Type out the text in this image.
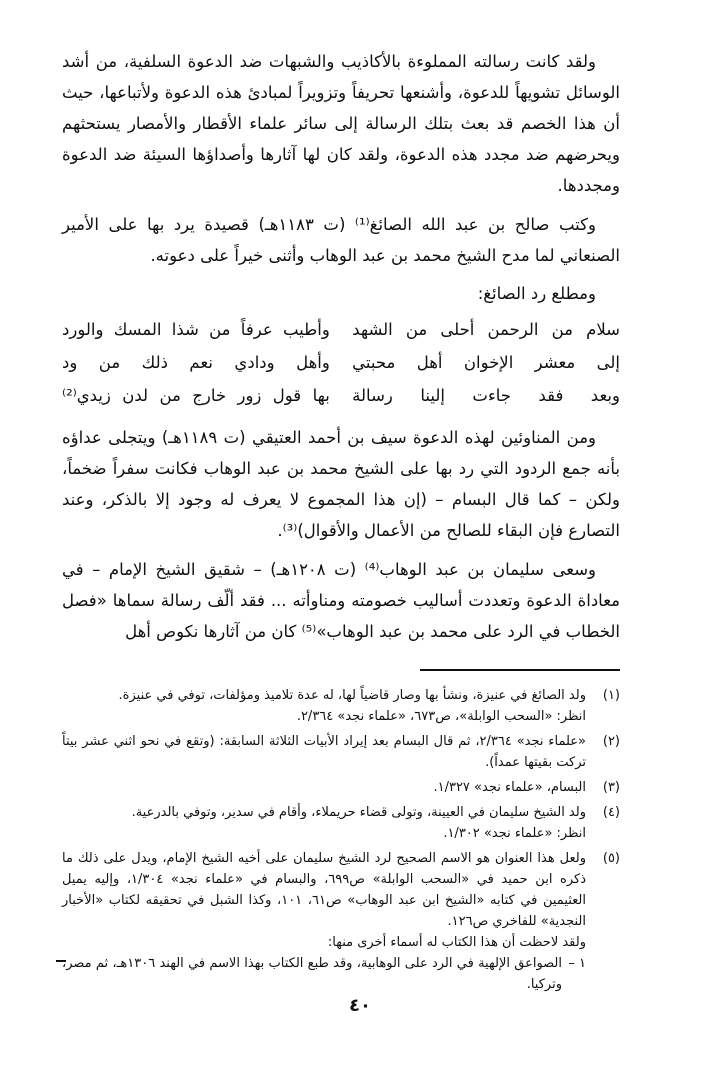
ولقد كانت رسالته المملوءة بالأكاذيب والشبهات ضد الدعوة السلفية، من أشد الوسائل تشويهاً للدعوة، وأشنعها تحريفاً وتزويراً لمبادئ هذه الدعوة ولأتباعها، حيث أن هذا الخصم قد بعث بتلك الرسالة إلى سائر علماء الأقطار والأمصار يستحثهم ويحرضهم ضد مجدد هذه الدعوة، ولقد كان لها آثارها وأصداؤها السيئة ضد الدعوة ومجددها.

وكتب صالح بن عبد الله الصائغ⁽¹⁾ (ت ١١٨٣هـ) قصيدة يرد بها على الأمير الصنعاني لما مدح الشيخ محمد بن عبد الوهاب وأثنى خيراً على دعوته.

ومطلع رد الصائغ:
سلام من الرحمن أحلى من الشهد
وأطيب عرفاً من شذا المسك والورد
إلى معشر الإخوان أهل محبتي
وأهل ودادي نعم ذلك من ود
وبعد فقد جاءت إلينا رسالة
بها قول زور خارج من لدن زيدي⁽²⁾

ومن المناوئين لهذه الدعوة سيف بن أحمد العتيقي (ت ١١٨٩هـ) ويتجلى عداؤه بأنه جمع الردود التي رد بها على الشيخ محمد بن عبد الوهاب فكانت سفراً ضخماً، ولكن – كما قال البسام – (إن هذا المجموع لا يعرف له وجود إلا بالذكر، وعند التصارع فإن البقاء للصالح من الأعمال والأقوال)⁽³⁾.

وسعى سليمان بن عبد الوهاب⁽⁴⁾ (ت ١٢٠٨هـ) – شقيق الشيخ الإمام – في معاداة الدعوة وتعددت أساليب خصومته ومناوأته ... فقد ألّف رسالة سماها «فصل الخطاب في الرد على محمد بن عبد الوهاب»⁽⁵⁾ كان من آثارها نكوص أهل

(١)

ولد الصائغ في عنيزة، ونشأ بها وصار قاضياً لها، له عدة تلاميذ ومؤلفات، توفي في عنيزة.

انظر: «السحب الوابلة»، ص٦٧٣، «علماء نجد» ٢/٣٦٤.

(٢)

«علماء نجد» ٢/٣٦٤، ثم قال البسام بعد إيراد الأبيات الثلاثة السابقة: (وتقع في نحو اثني عشر بيتاً تركت بقيتها عمداً).

(٣)

البسام، «علماء نجد» ١/٣٢٧.

(٤)

ولد الشيخ سليمان في العيينة، وتولى قضاء حريملاء، وأقام في سدير، وتوفي بالدرعية.

انظر: «علماء نجد» ١/٣٠٢.

(٥)

ولعل هذا العنوان هو الاسم الصحيح لرد الشيخ سليمان على أخيه الشيخ الإمام، ويدل على ذلك ما ذكره ابن حميد في «السحب الوابلة» ص٦٩٩، والبسام في «علماء نجد» ١/٣٠٤، وإليه يميل العثيمين في كتابه «الشيخ ابن عبد الوهاب» ص٦١، ١٠١، وكذا الشبل في تحقيقه لكتاب «الأخبار النجدية» للفاخري ص١٢٦.

ولقد لاحظت أن هذا الكتاب له أسماء أخرى منها:

١ –
الصواعق الإلهية في الرد على الوهابية، وقد طبع الكتاب بهذا الاسم في الهند ١٣٠٦هـ، ثم مصر، وتركيا.
٤٠
